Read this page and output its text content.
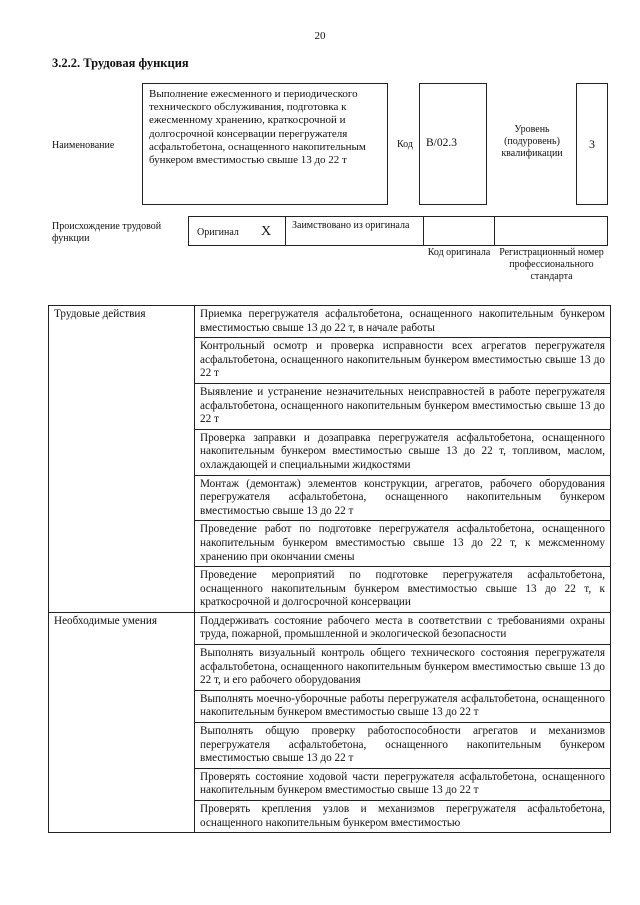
20
3.2.2. Трудовая функция
Наименование
Выполнение ежесменного и периодического технического обслуживания, подготовка к ежесменному хранению, краткосрочной и долгосрочной консервации перегружателя асфальтобетона, оснащенного накопительным бункером вместимостью свыше 13 до 22 т
Код B/02.3
Уровень (подуровень) квалификации
3
Происхождение трудовой функции
Оригинал X Заимствовано из оригинала
Код оригинала Регистрационный номер профессионального стандарта
Трудовые действия	Приемка перегружателя асфальтобетона, оснащенного накопительным бункером вместимостью свыше 13 до 22 т, в начале работы
	Контрольный осмотр и проверка исправности всех агрегатов перегружателя асфальтобетона, оснащенного накопительным бункером вместимостью свыше 13 до 22 т
	Выявление и устранение незначительных неисправностей в работе перегружателя асфальтобетона, оснащенного накопительным бункером вместимостью свыше 13 до 22 т
	Проверка заправки и дозаправка перегружателя асфальтобетона, оснащенного накопительным бункером вместимостью свыше 13 до 22 т, топливом, маслом, охлаждающей и специальными жидкостями
	Монтаж (демонтаж) элементов конструкции, агрегатов, рабочего оборудования перегружателя асфальтобетона, оснащенного накопительным бункером вместимостью свыше 13 до 22 т
	Проведение работ по подготовке перегружателя асфальтобетона, оснащенного накопительным бункером вместимостью свыше 13 до 22 т, к межсменному хранению при окончании смены
	Проведение мероприятий по подготовке перегружателя асфальтобетона, оснащенного накопительным бункером вместимостью свыше 13 до 22 т, к краткосрочной и долгосрочной консервации
Необходимые умения	Поддерживать состояние рабочего места в соответствии с требованиями охраны труда, пожарной, промышленной и экологической безопасности
	Выполнять визуальный контроль общего технического состояния перегружателя асфальтобетона, оснащенного накопительным бункером вместимостью свыше 13 до 22 т, и его рабочего оборудования
	Выполнять моечно-уборочные работы перегружателя асфальтобетона, оснащенного накопительным бункером вместимостью свыше 13 до 22 т
	Выполнять общую проверку работоспособности агрегатов и механизмов перегружателя асфальтобетона, оснащенного накопительным бункером вместимостью свыше 13 до 22 т
	Проверять состояние ходовой части перегружателя асфальтобетона, оснащенного накопительным бункером вместимостью свыше 13 до 22 т
	Проверять крепления узлов и механизмов перегружателя асфальтобетона, оснащенного накопительным бункером вместимостью
